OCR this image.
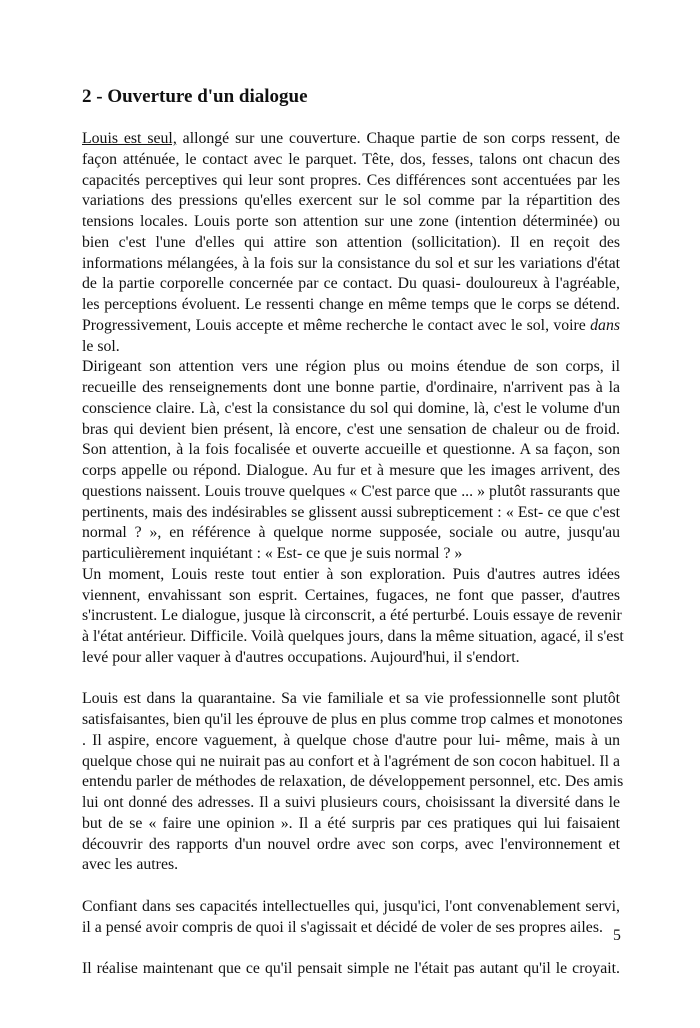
2 - Ouverture d'un dialogue
Louis est seul, allongé sur une couverture. Chaque partie de son corps ressent, de
façon atténuée, le contact avec le parquet. Tête, dos, fesses, talons ont chacun des
capacités perceptives qui leur sont propres. Ces différences sont accentuées par les
variations des pressions qu'elles exercent sur le sol comme par la répartition des
tensions locales. Louis porte son attention sur une zone (intention déterminée) ou
bien c'est l'une d'elles qui attire son attention (sollicitation). Il en reçoit des
informations mélangées, à la fois sur la consistance du sol et sur les variations d'état
de la partie corporelle concernée par ce contact. Du quasi- douloureux à l'agréable,
les perceptions évoluent. Le ressenti change en même temps que le corps se détend.
Progressivement, Louis accepte et même recherche le contact avec le sol, voire dans
le sol.
Dirigeant son attention vers une région plus ou moins étendue de son corps, il
recueille des renseignements dont une bonne partie, d'ordinaire, n'arrivent pas à la
conscience claire. Là, c'est la consistance du sol qui domine, là, c'est le volume d'un
bras qui devient bien présent, là encore, c'est une sensation de chaleur ou de froid.
Son attention, à la fois focalisée et ouverte accueille et questionne. A sa façon, son
corps appelle ou répond. Dialogue. Au fur et à mesure que les images arrivent, des
questions naissent. Louis trouve quelques « C'est parce que ... » plutôt rassurants que
pertinents, mais des indésirables se glissent aussi subrepticement : « Est- ce que c'est
normal ? », en référence à quelque norme supposée, sociale ou autre, jusqu'au
particulièrement inquiétant : « Est- ce que je suis normal ? »
Un moment, Louis reste tout entier à son exploration. Puis d'autres autres idées
viennent, envahissant son esprit. Certaines, fugaces, ne font que passer, d'autres
s'incrustent. Le dialogue, jusque là circonscrit, a été perturbé. Louis essaye de revenir
à l'état antérieur. Difficile. Voilà quelques jours, dans la même situation, agacé, il s'est
levé pour aller vaquer à d'autres occupations. Aujourd'hui, il s'endort.
Louis est dans la quarantaine. Sa vie familiale et sa vie professionnelle sont plutôt
satisfaisantes, bien qu'il les éprouve de plus en plus comme trop calmes et monotones
. Il aspire, encore vaguement, à quelque chose d'autre pour lui- même, mais à un
quelque chose qui ne nuirait pas au confort et à l'agrément de son cocon habituel. Il a
entendu parler de méthodes de relaxation, de développement personnel, etc. Des amis
lui ont donné des adresses. Il a suivi plusieurs cours, choisissant la diversité dans le
but de se « faire une opinion ». Il a été surpris par ces pratiques qui lui faisaient
découvrir des rapports d'un nouvel ordre avec son corps, avec l'environnement et
avec les autres.
Confiant dans ses capacités intellectuelles qui, jusqu'ici, l'ont convenablement servi,
il a pensé avoir compris de quoi il s'agissait et décidé de voler de ses propres ailes.
Il réalise maintenant que ce qu'il pensait simple ne l'était pas autant qu'il le croyait.
5
